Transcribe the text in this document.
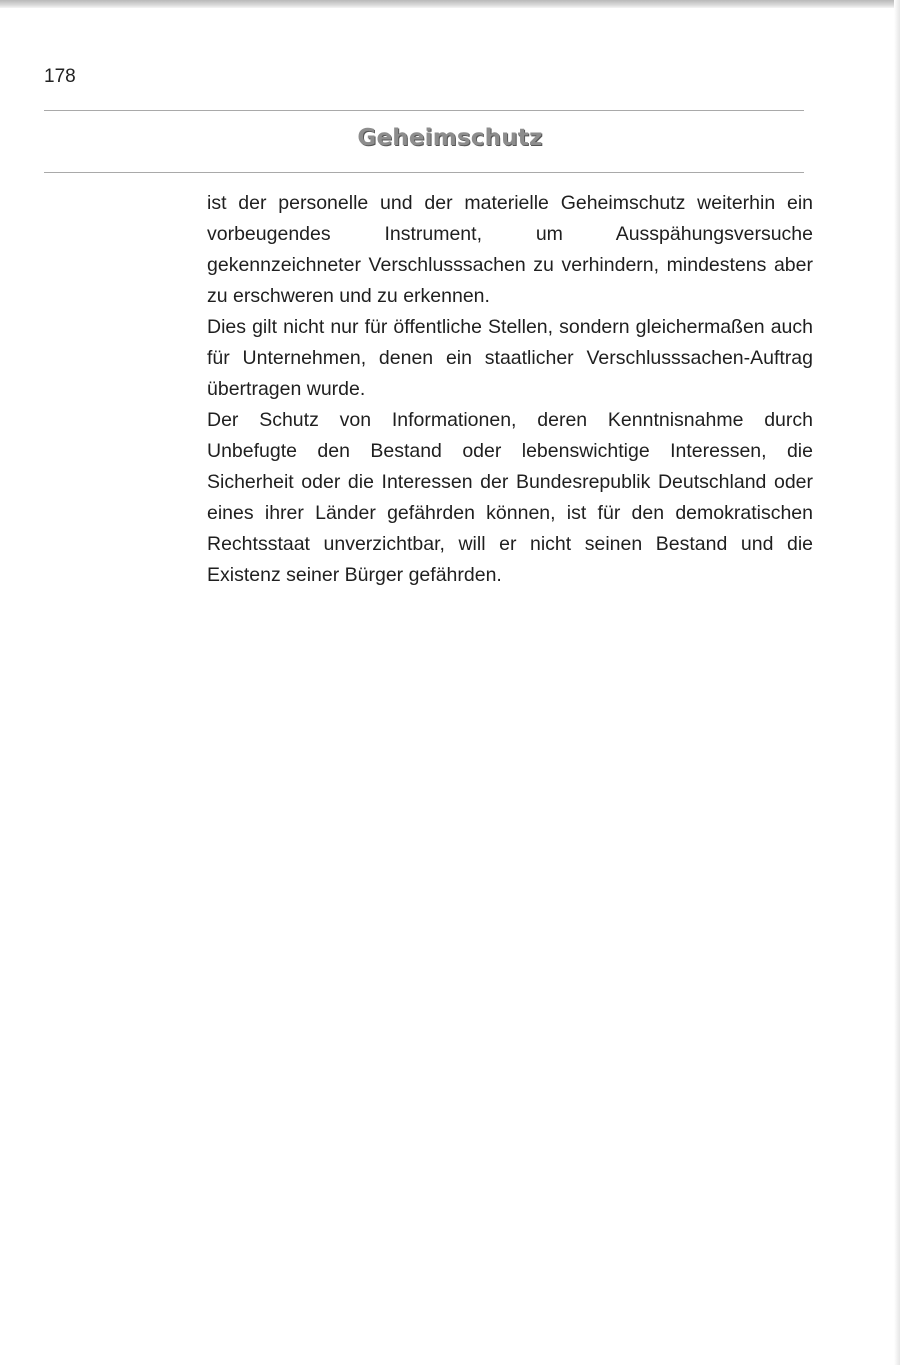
178
Geheimschutz

ist der personelle und der materielle Geheimschutz weiterhin ein vorbeugendes Instrument, um Ausspähungsversuche gekennzeichneter Verschlusssachen zu verhindern, mindestens aber zu erschweren und zu erkennen.

Dies gilt nicht nur für öffentliche Stellen, sondern gleichermaßen auch für Unternehmen, denen ein staatlicher Verschlusssachen-Auftrag übertragen wurde.

Der Schutz von Informationen, deren Kenntnisnahme durch Unbefugte den Bestand oder lebenswichtige Interessen, die Sicherheit oder die Interessen der Bundesrepublik Deutschland oder eines ihrer Länder gefährden können, ist für den demokratischen Rechtsstaat unverzichtbar, will er nicht seinen Bestand und die Existenz seiner Bürger gefährden.
